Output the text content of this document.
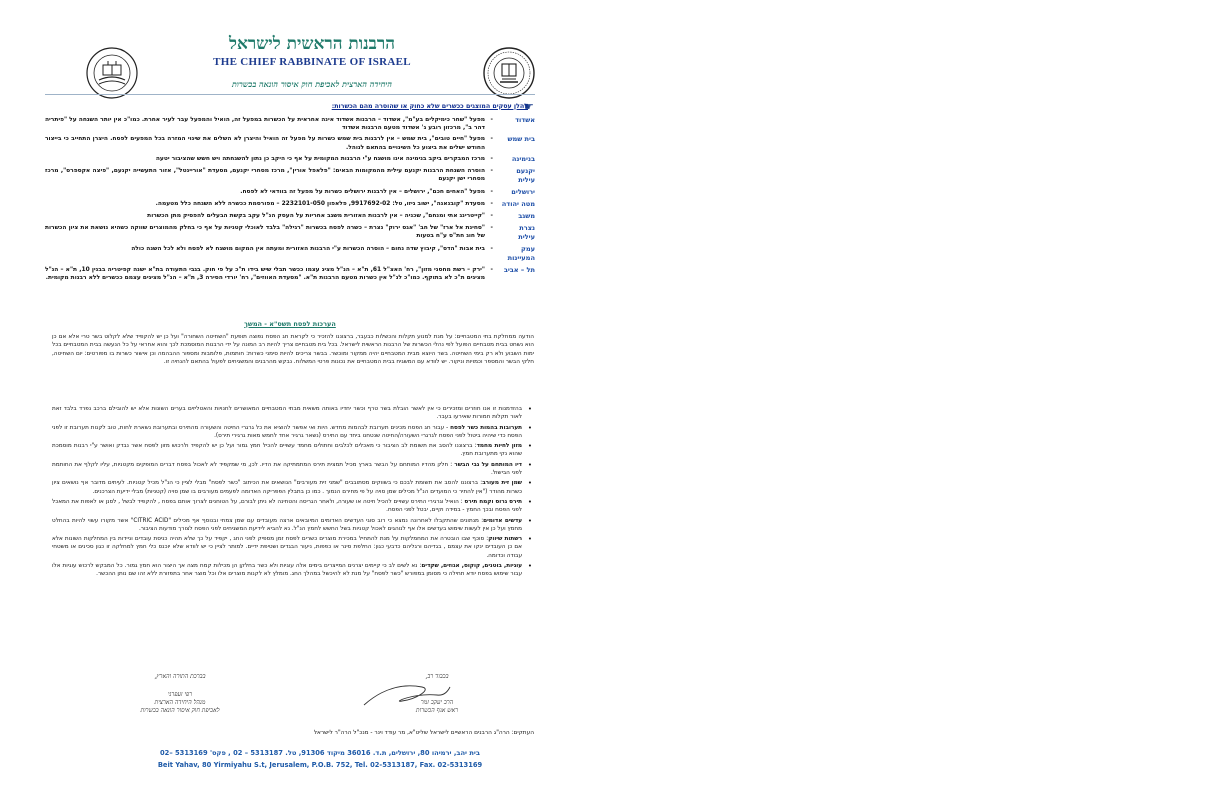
הרבנות הראשית לישראל
THE CHIEF RABBINATE OF ISRAEL
היחידה הארצית לאכיפת חוק איסור הונאה בכשרות
☛
להלן עסקים המוצגים ככשרים שלא כחוק או שהוסרה מהם הכשרות:
אשדוד
- מפעל "שחר כימיקלים בע"מ", אשדוד – הרבנות אשדוד אינה אחראית על הכשרות במפעל זה, הואיל והמפעל עבר לעיר אחרת. כמו"כ אין יותר השגחה על "פיתריה דהר ב", מרכזון רובע ג' אשדוד מטעם הרבנות אשדוד
בית שמש
- מפעל "חיים טובים", בית שמש – אין לרבנות בית שמש כשרות על מפעל זה הואיל והיצרן לא השלים את שינוי המזרה בכל המפעים לפסח. היצרן התחייב כי בייצור החודש ישלים את ביצוע כל השינויים בהתאם לנוהל.
בנימינה
- מרכז המבקרים ביקב בנימינה אינו מושגח ע"י הרבנות המקומית על אף כי היקב כן נתון להשגחתה ויש חשש שהציבור יטעה
יקנעם
עילית
- הוסרה השגחת הרבנות יקנעם עילית מהמקומות הבאים: "פלאפל אורין", מרכז מסחרי יקנעם, מסעדת "אוריינטל", אזור התעשייה יקנעם, "פיצה אקספרס", מרכז מסחרי ישן יקנעם
ירושלים
- מפעל "האחים חכם", ירושלים – אין לרבנות ירושלים כשרות על מפעל זה בוודאי לא לפסח.
מטה יהודה
- מסעדת "קובנאנה", ישוב גיזו, טל: 9917692-02, פלאפון 2232101-050 – מפורסמת ככשרה ללא השגחה כלל מטעמה.
משגב
- "קייטרינג אתי ומנחם", שכניה – אין לרבנות האזורית משגב אחריות על העסק הנ"ל עקב בקשת הבעלים להפסיק מתן הכשרות
נצרת
עילית
- "סחינת אל ארז" של חב' "אגס ירוק" נצרת – כשרה לפסח בכשרות "רגילה" בלבד לאוכלי קטניות על אף כי בחלק מהמוצרים שווקה כשהיא נושאת את ציון הכשרות של חוג חת"ס ע"ח בטעות
עמק
המעיינות
- בית אבות "הדס", קיבוץ שדה נחום – הוסרה הכשרות ע"י הרבנות האזורית ומעתה אין המקום מושגח לא לפסח ולא לכל השנה כולה
תל – אביב
- "ירק – רשת מחסני מזון", רח' האצ"ל 61, ת"א – הנ"ל מציג עצמו ככשר תבלי שיש בידו ת"כ על פי חוק. בגבי התעודה בת"א ישנה קפיטריה בבנין 10, ת"א – הנ"ל מציגים ת"כ לא בתוקף. כמו"כ לנ"ל אין כשרות מטעם הרבנות ת"א. "מסעדת האווזים", רח' יורדי הסירה 3, ת"א – הנ"ל מציגים עצמם ככשרים ללא רבנות מקומית.
הערכות לפסח תשס"א - המשך
הודעה ממחלקת בתי המטבחיים: על מנת למנוע תקלות והכשלות כבעבר, ברצוננו להזכיר כי לקראת חג הפסח נפוצה תופעת "השחיטה השחורה" ועל כן יש להקפיד שלא לקלוט בשר טרי אלא אם כן הוא נשחט בבית מטבחיים הפועל לפי נהלי הכשרות של הרבנות הראשית לישראל. בכל בית מטבחיים צריך להיות רב המונה על ידי הרבנות המוסמכת לכך והוא אחראי על כל הנעשה בבית המטבחיים בכל ימות השבוע ולא רק בימי השחיטה. בשר היוצא מבית המטבחיים יהיה ממקור ומוכשר. בבשר צריכים להיות סימני כשרות: חותמות, פלומבות ומספור ההבהמה וכן אישור כשרות בו מפורטים: יום השחיטה, חלקי הבשר והמספר וכמויות וניקור. יש לוודא עם המשגיח בבית המטבחיים את נכונות פרטי המשלוח. נבקש מהרבנים והמשגיחים לפעול בהתאם להנחיה זו.
•
בהזדמנות זו אנו חוזרים ומזכירים כי אין לאשר הובלת בשר טרף וכשר יחדיו באותה משאית מבתי המטבחיים המאושרים לחנויות והאטליזים בערים השונות אלא יש להובילם ברכב נפרד בלבד זאת לאור תקלות חמורות שאירעו בעבר.
•
תערובות בהמות כשר לפסח - עבור חג הפסח מכינים תערובת לבהמות מחדש. היות ואי אפשר להוציא את כל גרגרי החיטה והשעורה מהתירס ובתערובת נשארת לחות, טוב לקנות תערובת זו לפני הפסח כדי שיהיה ביטול לפני הפסח לגרגרי השעורה/החיטה שנטחנו ביחד עם התירס (נשאר גרגיר אחד לחמש מאות גרגירי תירס).
•
מזון לחיות מחמד: ברצוננו להסב את תשומת לב הציבור כי מאכלים לכלבים וחתולים מחמד עשויים להכיל חמץ גמור ועל כן יש להקפיד ולרכוש מזון לפסח אשר נבדק ואושר ע"י רבנות מוסמכת שהוא נקי מתערובת חמץ.
•
דיו המותחם על גבי הבשר : חלק מהדיו המותחם על הבשר בארץ מכיל תמצית תירס המתמתיקה את הדיו. לכן, מי שמקפיד לא לאכול בפסח דברים המופקים מקטניות, עליו לקלף את החותמת לפני הבישול.
•
שמן זית מעורב: ברצוננו להסב את תשומת לבכם כי בשווקים מסתובבים "שמני זית מעורבים" הנושאים את הכיתוב "כשר לפסח" מבלי לציין כי הנ"ל מכיל קטניות. לעיתים מדובר אף נושאים ציון כשרות מהודר ("אין להתיר כי המועדים הנ"ל מכילים שמן סויה על פי מחירם הנמוך . כמו כן בתבלין הפפריקה האדומה לפעמים מעורבים בו שמן סויה (קטניות) מבלי ידיעת הצרכנים.
•
תירס גרוס וקמח תירס : הואיל וגרגירי התירס עשויים להכיל חיטה או שעורה, ולאחר הגריסה והטחינה לא ניתן לבורם, על הטוחנים לצרוך אותם בפסח , להקפיד לבשל , לסנן או לאפות את המאכל לפני הפסח ובכך החמץ - במידה וקיים, יבטל לפני הפסח.
•
עדשים אדומים: מנתונים שהתקבלו לאחרונה נמצא כי רוב סוגי העדשים האדומים המיובאים ארצה מעובדים עם שמן צמחי ובנוסף אף מכילים "CITRIC ACID" אשר מקורו עשוי להיות בהחלט מחמץ ועל כן אין לעשות שימוש בעדשים אלו אף לנוהגים לאכול קטניות בשל החשש לחמץ הנ"ל. נא להביא לידיעת המשגיחים לפני הפסח לצורך מודעות הציבור.
•
רשתות שיווק: סוכף שבו הובטרה את המחמלקות על מנת להתחיל במכירת מוצרים כשרים לפסח זמן מספיק לפני החג , יקפיד על כך שלא תהיה כניסת עובדים וניידות בין המחלקות השונות אלא אם כן העובדים ינקו את עצמם , בגדיהם ורגליהם כדבעי כגון: החלפת סינר או כפפות, ניעור הבגדים ושטיפת ידיים. למותר לציין כי יש לוודא שלא יוכנס כלי חמץ למחלקה זו כגון סכינים או משטחי עבודה וכדומה.
•
עוגיות, בוטנים, קוקוס, אגוזים, שקדים: נא לשים לב כי קיימים יצרנים המייצרים בימים אלה עוגיות ולא כשר בחלקן הן מכילות קמח מצה אך היצור הוא חמץ גמור. כל המבקש לרכוש עוגיות אלו עבור שימוש בפסח יודא תחילה כי מסומן במפורש "כשר לפסח" על מנת לא להיכשל במהלך החג. מומלץ לא לקנות מוצרים אלו וכל מוצר אחר בתפזורת ללא זהו שם נותן ההכשר.
בברכת התורה והארץ,
רפי זעפרני
מנהל היחידה הארצית
לאכיפת חוק איסור הונאה בכשרות
בכבוד רב,
הרב יעקב זמר
ראש אגף הכשרות
העתקים: הרה"ג הרבנים הראשיים לישראל שליט"א, מר עודד וינר - מנכ"ל הרה"ר לישראל
בית יהב, ירמיהו 80, ירושלים, ת.ד. 36016 מיקוד 91306, טל. 5313187 – 02 , פקס' 5313169 –02
Beit Yahav, 80 Yirmiyahu S.t, Jerusalem, P.O.B. 752, Tel. 02-5313187, Fax. 02-5313169
